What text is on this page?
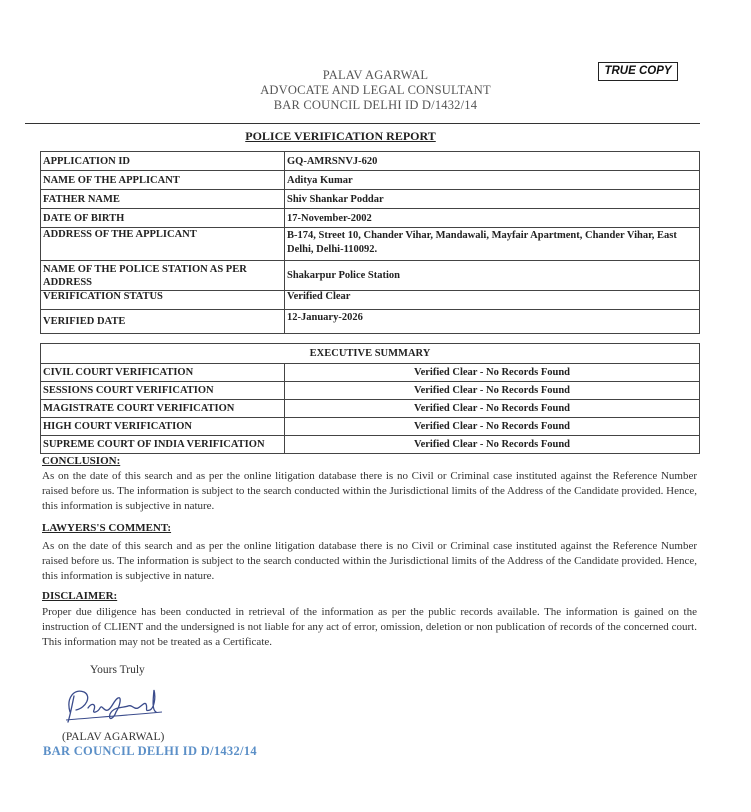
PALAV AGARWAL
ADVOCATE AND LEGAL CONSULTANT
BAR COUNCIL DELHI ID D/1432/14
TRUE COPY
POLICE VERIFICATION REPORT
APPLICATION ID	GQ-AMRSNVJ-620
NAME OF THE APPLICANT	Aditya Kumar
FATHER NAME	Shiv Shankar Poddar
DATE OF BIRTH	17-November-2002
ADDRESS OF THE APPLICANT	B-174, Street 10, Chander Vihar, Mandawali, Mayfair Apartment, Chander Vihar, East Delhi, Delhi-110092.
NAME OF THE POLICE STATION AS PER ADDRESS	Shakarpur Police Station
VERIFICATION STATUS	Verified Clear
VERIFIED DATE	12-January-2026
EXECUTIVE SUMMARY	
CIVIL COURT VERIFICATION	Verified Clear - No Records Found
SESSIONS COURT VERIFICATION	Verified Clear - No Records Found
MAGISTRATE COURT VERIFICATION	Verified Clear - No Records Found
HIGH COURT VERIFICATION	Verified Clear - No Records Found
SUPREME COURT OF INDIA VERIFICATION	Verified Clear - No Records Found
CONCLUSION:
As on the date of this search and as per the online litigation database there is no Civil or Criminal case instituted against the Reference Number raised before us. The information is subject to the search conducted within the Jurisdictional limits of the Address of the Candidate provided. Hence, this information is subjective in nature.
LAWYERS'S COMMENT:
As on the date of this search and as per the online litigation database there is no Civil or Criminal case instituted against the Reference Number raised before us. The information is subject to the search conducted within the Jurisdictional limits of the Address of the Candidate provided. Hence, this information is subjective in nature.
DISCLAIMER:
Proper due diligence has been conducted in retrieval of the information as per the public records available. The information is gained on the instruction of CLIENT and the undersigned is not liable for any act of error, omission, deletion or non publication of records of the concerned court. This information may not be treated as a Certificate.
Yours Truly
(PALAV AGARWAL)
BAR COUNCIL DELHI ID D/1432/14
